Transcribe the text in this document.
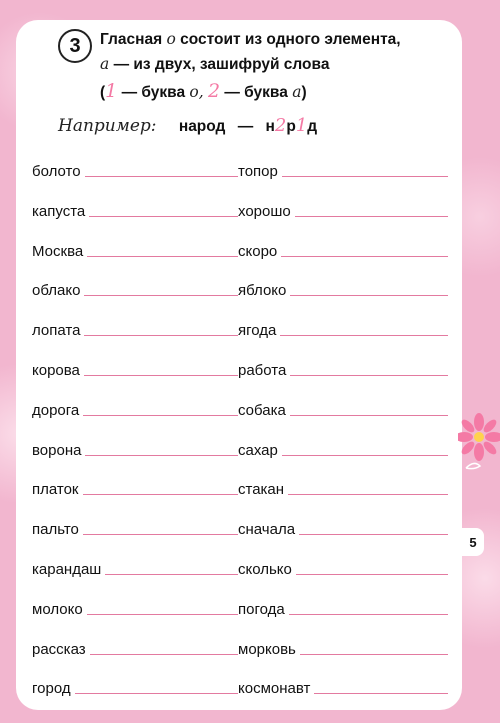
3	Гласная о состоит из одного элемента,
а — из двух, зашифруй слова
(1 — буква о, 2 — буква а)
Например: народ — н2р1д
болото	топор
капуста	хорошо
Москва	скоро
облако	яблоко
лопата	ягода
корова	работа
дорога	собака
ворона	сахар
платок	стакан
пальто	сначала
карандаш	сколько
молоко	погода
рассказ	морковь
город	космонавт
5
